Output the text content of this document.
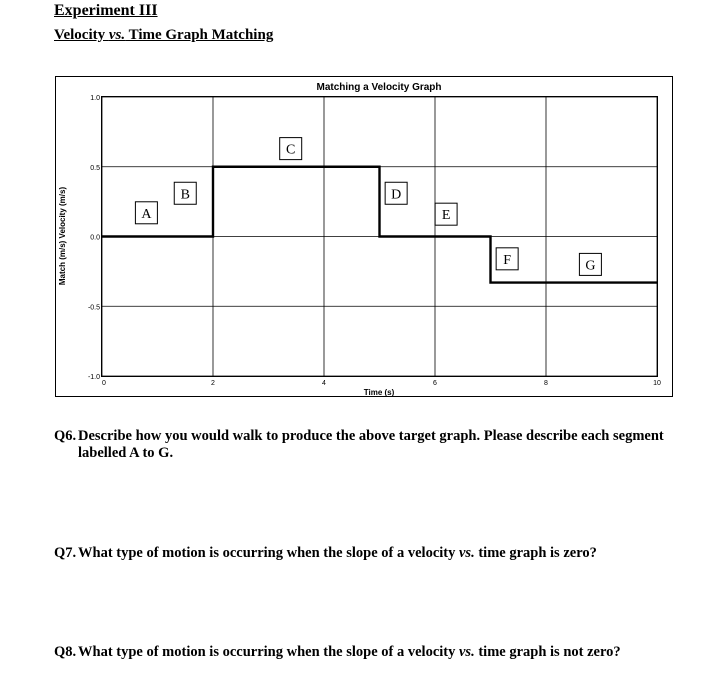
Experiment III
Velocity vs. Time Graph Matching
0	2	4	6	8	10
1.0
0.5
0.0
-0.5
-1.0
Matching a Velocity Graph
Time (s)
Match (m/s) Velocity (m/s)	A
B
C
D
E
F	G
Q6. Describe how you would walk to produce the above target graph. Please describe each segment
labelled A to G.
Q7. What type of motion is occurring when the slope of a velocity vs. time graph is zero?
Q8. What type of motion is occurring when the slope of a velocity vs. time graph is not zero?
